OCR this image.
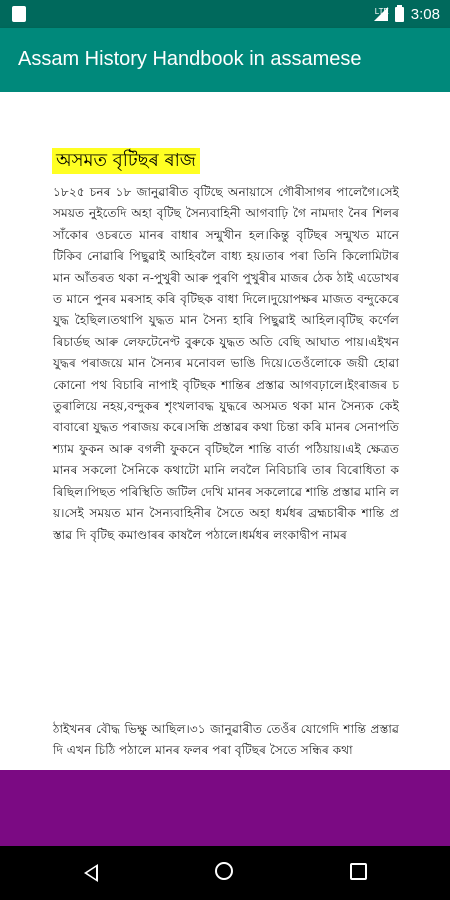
LTE 3:08
Assam History Handbook in assamese
অসমত বৃটিছৰ ৰাজ
১৮২৫ চনৰ ১৮ জানুৱাৰীত বৃটিছে অনায়াসে গৌৰীসাগৰ পালেগৈ।সেই সময়ত নুইতেদি অহা বৃটিছ সৈন্যবাহিনী আগবাঢ়ি গৈ নামদাং নৈৰ শিলৰ সাঁকোৰ ওচৰতে মানৰ বাধাৰ সন্মুখীন হল।কিন্তু বৃটিছৰ সন্মুখত মানে টিকিব নোৱাৰি পিছুৱাই আহিবলৈ বাধ্য হয়।তাৰ পৰা তিনি কিলোমিটাৰমান আঁতৰত থকা ন-পুখুৰী আৰু পুৰণি পুখুৰীৰ মাজৰ ঠেক ঠাই এডোখৰত মানে পুনৰ মৰসাহ কৰি বৃটিছক বাধা দিলে।দুয়োপক্ষৰ মাজত বন্দুকেৰে যুদ্ধ হৈছিল।তথাপি যুদ্ধত মান সৈন্য হাৰি পিছুৱাই আহিল।বৃটিছ কৰ্ণেল ৰিচাৰ্ডছ আৰু লেফটেনেণ্ট বুৰুকে যুদ্ধত অতি বেছি আঘাত পায়।এইখন যুদ্ধৰ পৰাজয়ে মান সৈন্যৰ মনোবল ভাঙি দিয়ে।তেওঁলোকে জয়ী হোৱা কোনো পথ বিচাৰি নাপাই বৃটিছক শান্তিৰ প্ৰস্তাৱ আগবঢ়ালে।ইংৰাজৰ চতুৰালিয়ে নহয়,বন্দুকৰ শৃংখলাবদ্ধ যুদ্ধৰে অসমত থকা মান সৈন্যক কেইবাবাৰো যুদ্ধত পৰাজয় কৰে।সন্ধি প্ৰস্তাৱৰ কথা চিন্তা কৰি মানৰ সেনাপতি শ্যাম ফুকন আৰু বগলী ফুকনে বৃটিছলৈ শান্তি বাৰ্তা পঠিয়ায়।এই ক্ষেত্ৰত মানৰ সকলো সৈনিকে কথাটো মানি লবলৈ নিবিচাৰি তাৰ বিৰোধিতা কৰিছিল।পিছত পৰিস্থিতি জটিল দেখি মানৰ সকলোৱে শান্তি প্ৰস্তাৱ মানি লয়।সেই সময়ত মান সৈন্যবাহিনীৰ সৈতে অহা ধৰ্মধৰ ব্ৰহ্মচাৰীক শান্তি প্ৰস্তাৱ দি বৃটিছ কমাণ্ডাৰৰ কাষলৈ পঠালে।ধৰ্মধৰ লংকাদ্বীপ নামৰ
ঠাইখনৰ বৌদ্ধ ভিক্ষু আছিল।৩১ জানুৱাৰীত তেওঁৰ যোগেদি শান্তি প্ৰস্তাৱ দি এখন চিঠি পঠালে মানৰ ফলৰ পৰা বৃটিছৰ সৈতে সন্ধিৰ কথা
